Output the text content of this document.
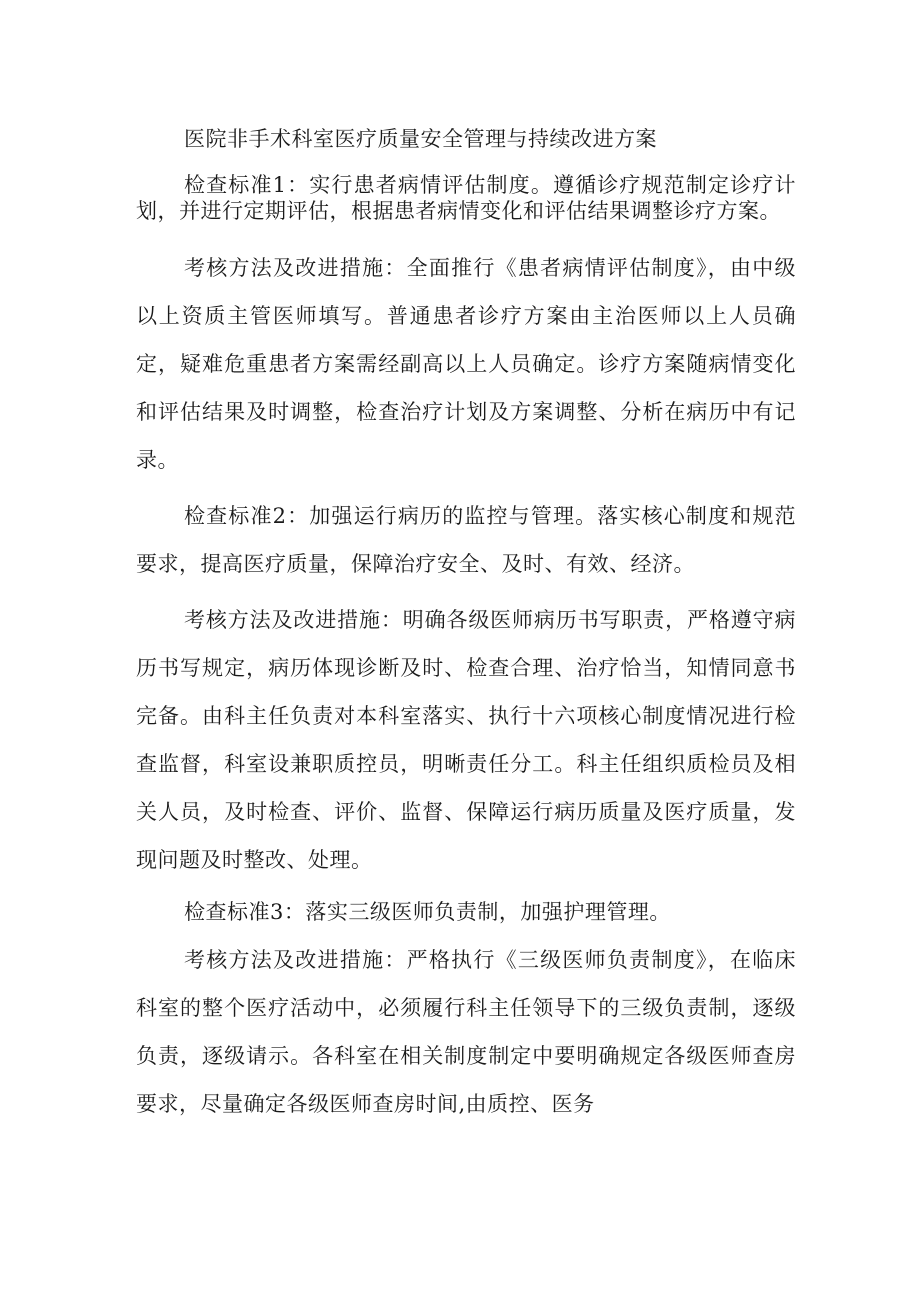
医院非手术科室医疗质量安全管理与持续改进方案

检查标准1：实行患者病情评估制度。遵循诊疗规范制定诊疗计划，并进行定期评估，根据患者病情变化和评估结果调整诊疗方案。

考核方法及改进措施：全面推行《患者病情评估制度》，由中级以上资质主管医师填写。普通患者诊疗方案由主治医师以上人员确定，疑难危重患者方案需经副高以上人员确定。诊疗方案随病情变化和评估结果及时调整，检查治疗计划及方案调整、分析在病历中有记录。

检查标准2：加强运行病历的监控与管理。落实核心制度和规范要求，提高医疗质量，保障治疗安全、及时、有效、经济。

考核方法及改进措施：明确各级医师病历书写职责，严格遵守病历书写规定，病历体现诊断及时、检查合理、治疗恰当，知情同意书完备。由科主任负责对本科室落实、执行十六项核心制度情况进行检查监督，科室设兼职质控员，明晰责任分工。科主任组织质检员及相关人员，及时检查、评价、监督、保障运行病历质量及医疗质量，发现问题及时整改、处理。

检查标准3：落实三级医师负责制，加强护理管理。

考核方法及改进措施：严格执行《三级医师负责制度》，在临床科室的整个医疗活动中，必须履行科主任领导下的三级负责制，逐级负责，逐级请示。各科室在相关制度制定中要明确规定各级医师查房要求，尽量确定各级医师查房时间,由质控、医务
